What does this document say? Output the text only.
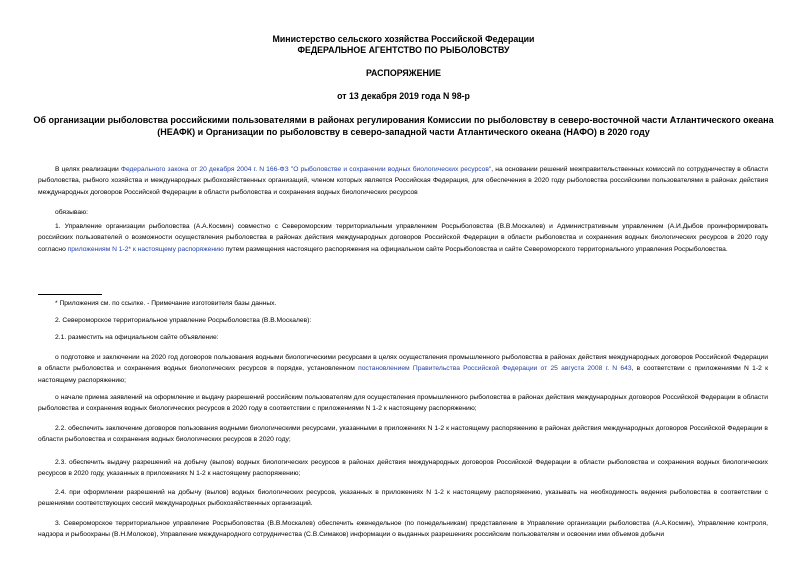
Министерство сельского хозяйства Российской Федерации
ФЕДЕРАЛЬНОЕ АГЕНТСТВО ПО РЫБОЛОВСТВУ
РАСПОРЯЖЕНИЕ
от 13 декабря 2019 года N 98-р
Об организации рыболовства российскими пользователями в районах регулирования Комиссии по рыболовству в северо-восточной части Атлантического океана (НЕАФК) и Организации по рыболовству в северо-западной части Атлантического океана (НАФО) в 2020 году

В целях реализации Федерального закона от 20 декабря 2004 г. N 166-ФЗ "О рыболовстве и сохранении водных биологических ресурсов", на основании решений межправительственных комиссий по сотрудничеству в области рыболовства, рыбного хозяйства и международных рыбохозяйственных организаций, членом которых является Российская Федерация, для обеспечения в 2020 году рыболовства российскими пользователями в районах действия международных договоров Российской Федерации в области рыболовства и сохранения водных биологических ресурсов

обязываю:

1. Управление организации рыболовства (А.А.Космин) совместно с Североморским территориальным управлением Росрыболовства (В.В.Москалев) и Административным управлением (А.И.Дыбов проинформировать российских пользователей о возможности осуществления рыболовства в районах действия международных договоров Российской Федерации в области рыболовства и сохранения водных биологических ресурсов в 2020 году согласно приложениям N 1-2* к настоящему распоряжению путем размещения настоящего распоряжения на официальном сайте Росрыболовства и сайте Североморского территориального управления Росрыболовства.

* Приложения см. по ссылке. - Примечание изготовителя базы данных.

2. Североморское территориальное управление Росрыболовства (В.В.Москалев):

2.1. разместить на официальном сайте объявление:

о подготовке и заключении на 2020 год договоров пользования водными биологическими ресурсами в целях осуществления промышленного рыболовства в районах действия международных договоров Российской Федерации в области рыболовства и сохранения водных биологических ресурсов в порядке, установленном постановлением Правительства Российской Федерации от 25 августа 2008 г. N 643, в соответствии с приложениями N 1-2 к настоящему распоряжению;

о начале приема заявлений на оформление и выдачу разрешений российским пользователям для осуществления промышленного рыболовства в районах действия международных договоров Российской Федерации в области рыболовства и сохранения водных биологических ресурсов в 2020 году в соответствии с приложениями N 1-2 к настоящему распоряжению;

2.2. обеспечить заключение договоров пользования водными биологическими ресурсами, указанными в приложениях N 1-2 к настоящему распоряжению в районах действия международных договоров Российской Федерации в области рыболовства и сохранения водных биологических ресурсов в 2020 году;

2.3. обеспечить выдачу разрешений на добычу (вылов) водных биологических ресурсов в районах действия международных договоров Российской Федерации в области рыболовства и сохранения водных биологических ресурсов в 2020 году, указанных в приложениях N 1-2 к настоящему распоряжению;

2.4. при оформлении разрешений на добычу (вылов) водных биологических ресурсов, указанных в приложениях N 1-2 к настоящему распоряжению, указывать на необходимость ведения рыболовства в соответствии с решениями соответствующих сессий международных рыбохозяйственных организаций.

3. Североморское территориальное управление Росрыболовства (В.В.Москалев) обеспечить еженедельное (по понедельникам) представление в Управление организации рыболовства (А.А.Космин), Управление контроля, надзора и рыбоохраны (В.Н.Молоков), Управление международного сотрудничества (С.В.Симаков) информации о выданных разрешениях российским пользователям и освоении ими объемов добычи
